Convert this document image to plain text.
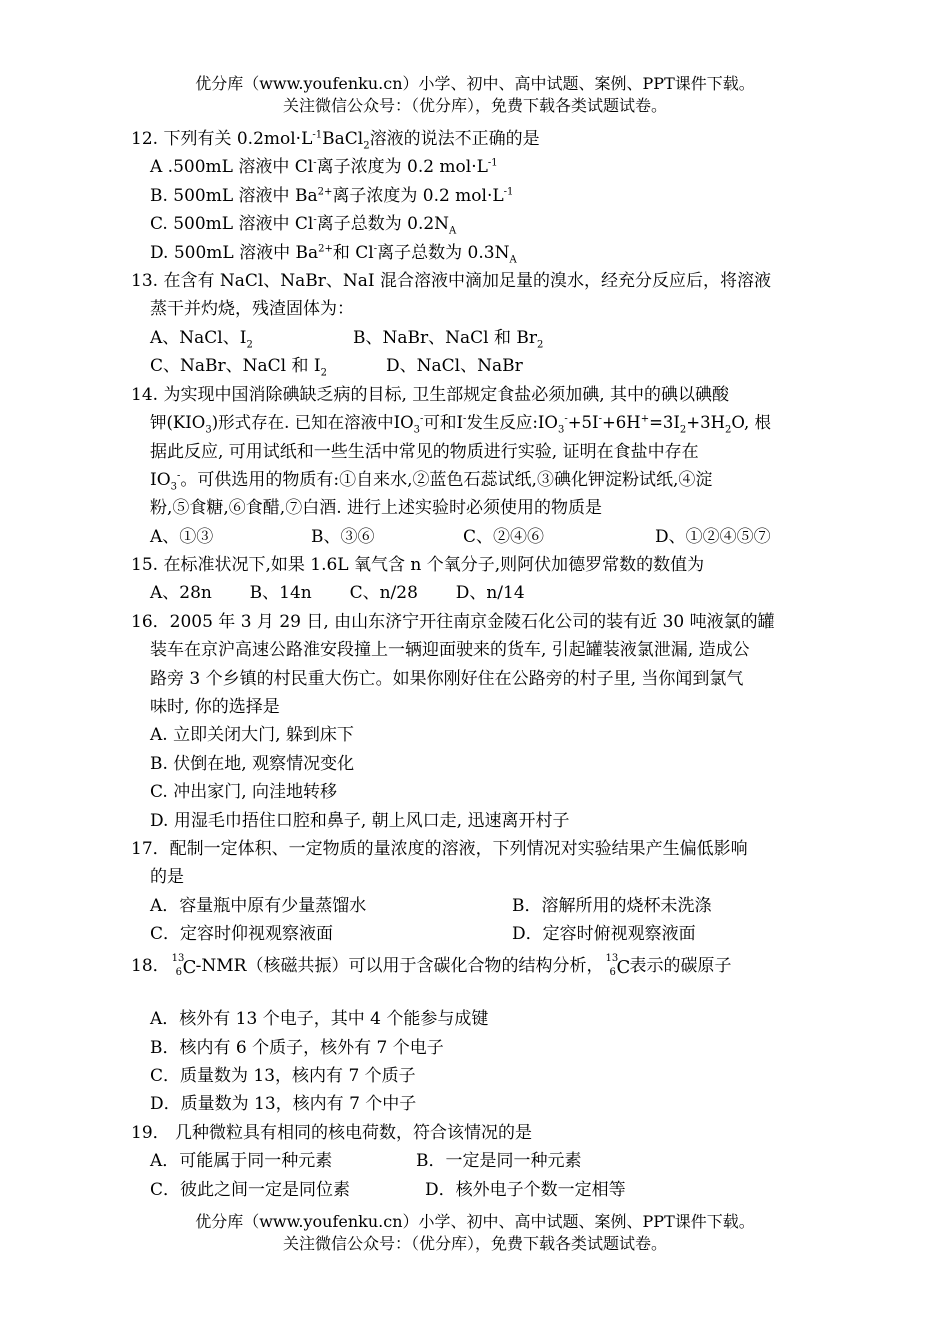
优分库（www.youfenku.cn）小学、初中、高中试题、案例、PPT课件下载。
关注微信公众号：（优分库），免费下载各类试题试卷。
12. 下列有关 $0.2mol\cdot L^{-1}BaCl_2$溶液的说法不正确的是
A .500mL 溶液中 Cl-离子浓度为 0.2 $mol\cdot L^{-1}$
B. 500mL 溶液中 $Ba^{2+}$离子浓度为 0.2 $mol\cdot L^{-1}$
C. 500mL 溶液中 Cl-离子总数为 $0.2N_A$
D. 500mL 溶液中 $Ba^{2+}$和 Cl-离子总数为 $0.3N_A$
13. 在含有 NaCl、NaBr、NaI 混合溶液中滴加足量的溴水，经充分反应后，将溶液
蒸干并灼烧，残渣固体为：
A、NaCl、$I_2$	B、NaBr、NaCl 和 $Br_2$
C、NaBr、NaCl 和 $I_2$	D、NaCl、NaBr
14. 为实现中国消除碘缺乏病的目标, 卫生部规定食盐必须加碘, 其中的碘以碘酸
钾$(KIO_3)$形式存在. 已知在溶液中$IO_3^-$可和I-发生反应$:IO_3^-+5I^-+6H^+=3I_2+3H_2O$, 根
据此反应, 可用试纸和一些生活中常见的物质进行实验, 证明在食盐中存在
$IO_3^-$。可供选用的物质有:①自来水,②蓝色石蕊试纸,③碘化钾淀粉试纸,④淀
粉,⑤食糖,⑥食醋,⑦白酒. 进行上述实验时必须使用的物质是
A、①③	B、③⑥	C、②④⑥	D、①②④⑤⑦
15. 在标准状况下,如果 1.6L 氧气含 n 个氧分子,则阿伏加德罗常数的数值为
A、28n       B、14n       C、n/28       D、n/14
16．2005 年 3 月 29 日, 由山东济宁开往南京金陵石化公司的装有近 30 吨液氯的罐
装车在京沪高速公路淮安段撞上一辆迎面驶来的货车, 引起罐装液氯泄漏, 造成公
路旁 3 个乡镇的村民重大伤亡。如果你刚好住在公路旁的村子里, 当你闻到氯气
味时, 你的选择是
A. 立即关闭大门, 躲到床下
B. 伏倒在地, 观察情况变化
C. 冲出家门, 向洼地转移
D. 用湿毛巾捂住口腔和鼻子, 朝上风口走, 迅速离开村子
17．配制一定体积、一定物质的量浓度的溶液，下列情况对实验结果产生偏低影响
的是
A．容量瓶中原有少量蒸馏水	B．溶解所用的烧杯未洗涤
C．定容时仰视观察液面	D．定容时俯视观察液面
18． 13
6 C -NMR（核磁共振）可以用于含碳化合物的结构分析， 13
6 C 表示的碳原子
A．核外有 13 个电子，其中 4 个能参与成键
B．核内有 6 个质子，核外有 7 个电子
C．质量数为 13，核内有 7 个质子
D．质量数为 13，核内有 7 个中子
19． 几种微粒具有相同的核电荷数，符合该情况的是
A．可能属于同一种元素	B．一定是同一种元素
C．彼此之间一定是同位素	D．核外电子个数一定相等
优分库（www.youfenku.cn）小学、初中、高中试题、案例、PPT课件下载。
关注微信公众号：（优分库），免费下载各类试题试卷。
